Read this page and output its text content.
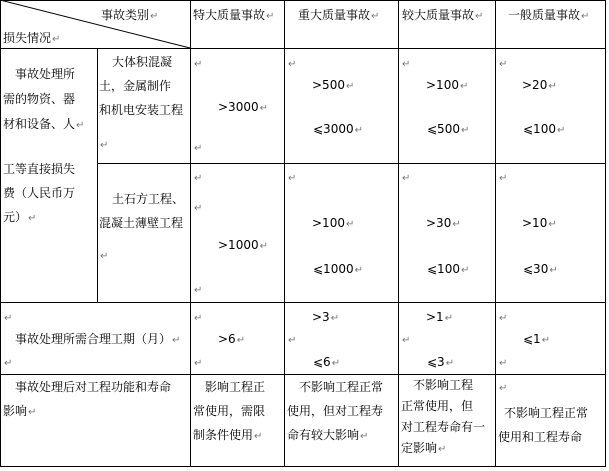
事故类别↵
损失情况↵
特大质量事故↵ 重大质量事故↵ 较大质量事故↵ 一般质量事故↵
事故处理所
需的物资、器
材和设备、人↵
工等直接损失
费（人民币万
元）↵
大体积混凝
土，金属制作
和机电安装工程
↵
土石方工程、
混凝土薄壁工程
↵
↵
>3000↵
↵
↵
>500↵
⩽3000↵
↵
>100↵
⩽500↵
↵
>20↵
⩽100↵
↵
↵
>1000↵
↵
↵
>100↵
⩽1000↵
↵
>30↵
⩽100↵
↵
>10↵
⩽30↵
↵
事故处理所需合理工期（月）↵
↵
↵
>6↵
↵
>3↵
↵
⩽6↵
>1↵
↵
⩽3↵
↵
⩽1↵
↵
事故处理后对工程功能和寿命
影响↵
影响工程正
常使用，需限
制条件使用↵
不影响工程正常
使用，但对工程寿
命有较大影响↵
不影响工程
正常使用，但
对工程寿命有一
定影响↵
↵
不影响工程正常
使用和工程寿命
